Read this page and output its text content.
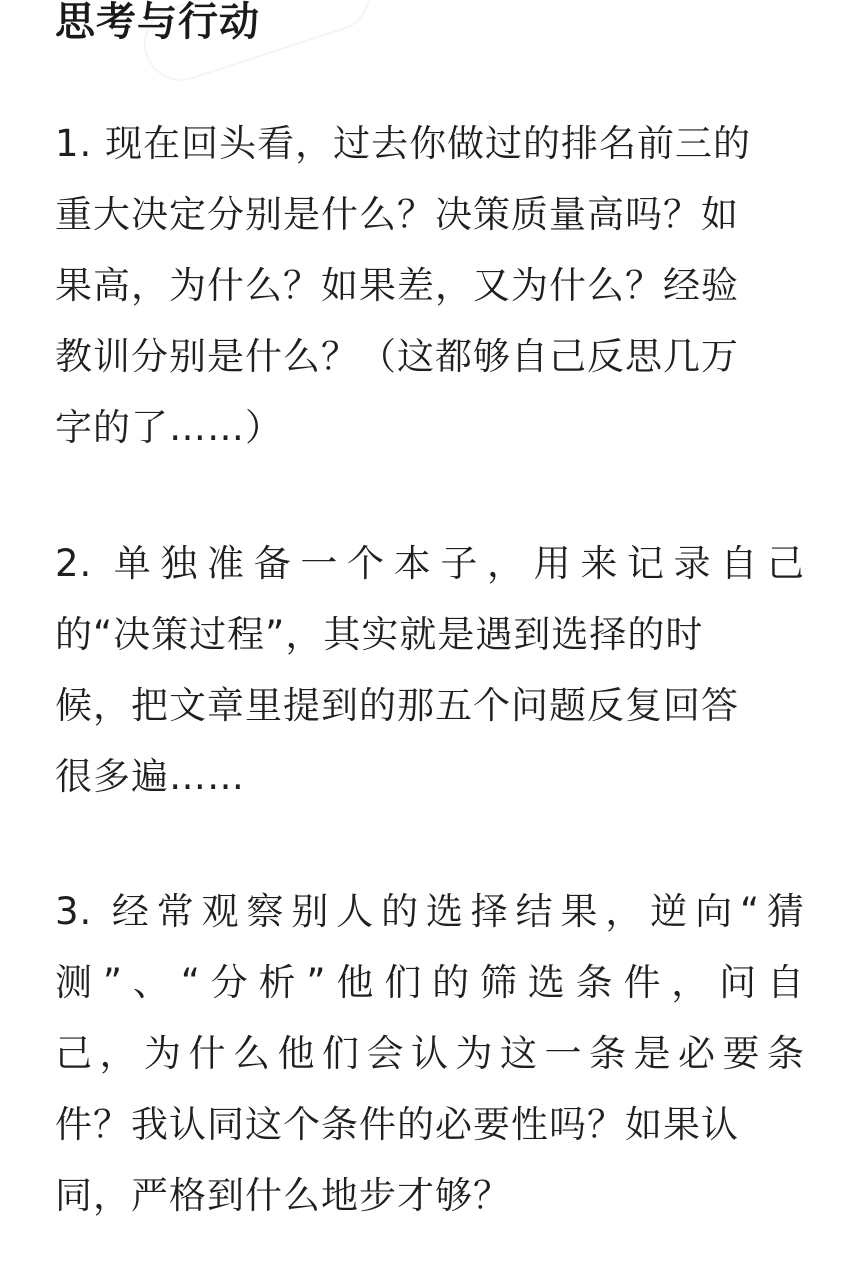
思考与行动
1. 现在回头看，过去你做过的排名前三的
重大决定分别是什么？决策质量高吗？如
果高，为什么？如果差，又为什么？经验
教训分别是什么？（这都够自己反思几万
字的了……）
2. 单独准备一个本子，用来记录自己
的“决策过程”，其实就是遇到选择的时
候，把文章里提到的那五个问题反复回答
很多遍……
3. 经常观察别人的选择结果，逆向“猜
测”、“分析”他们的筛选条件，问自
己，为什么他们会认为这一条是必要条
件？我认同这个条件的必要性吗？如果认
同，严格到什么地步才够？
